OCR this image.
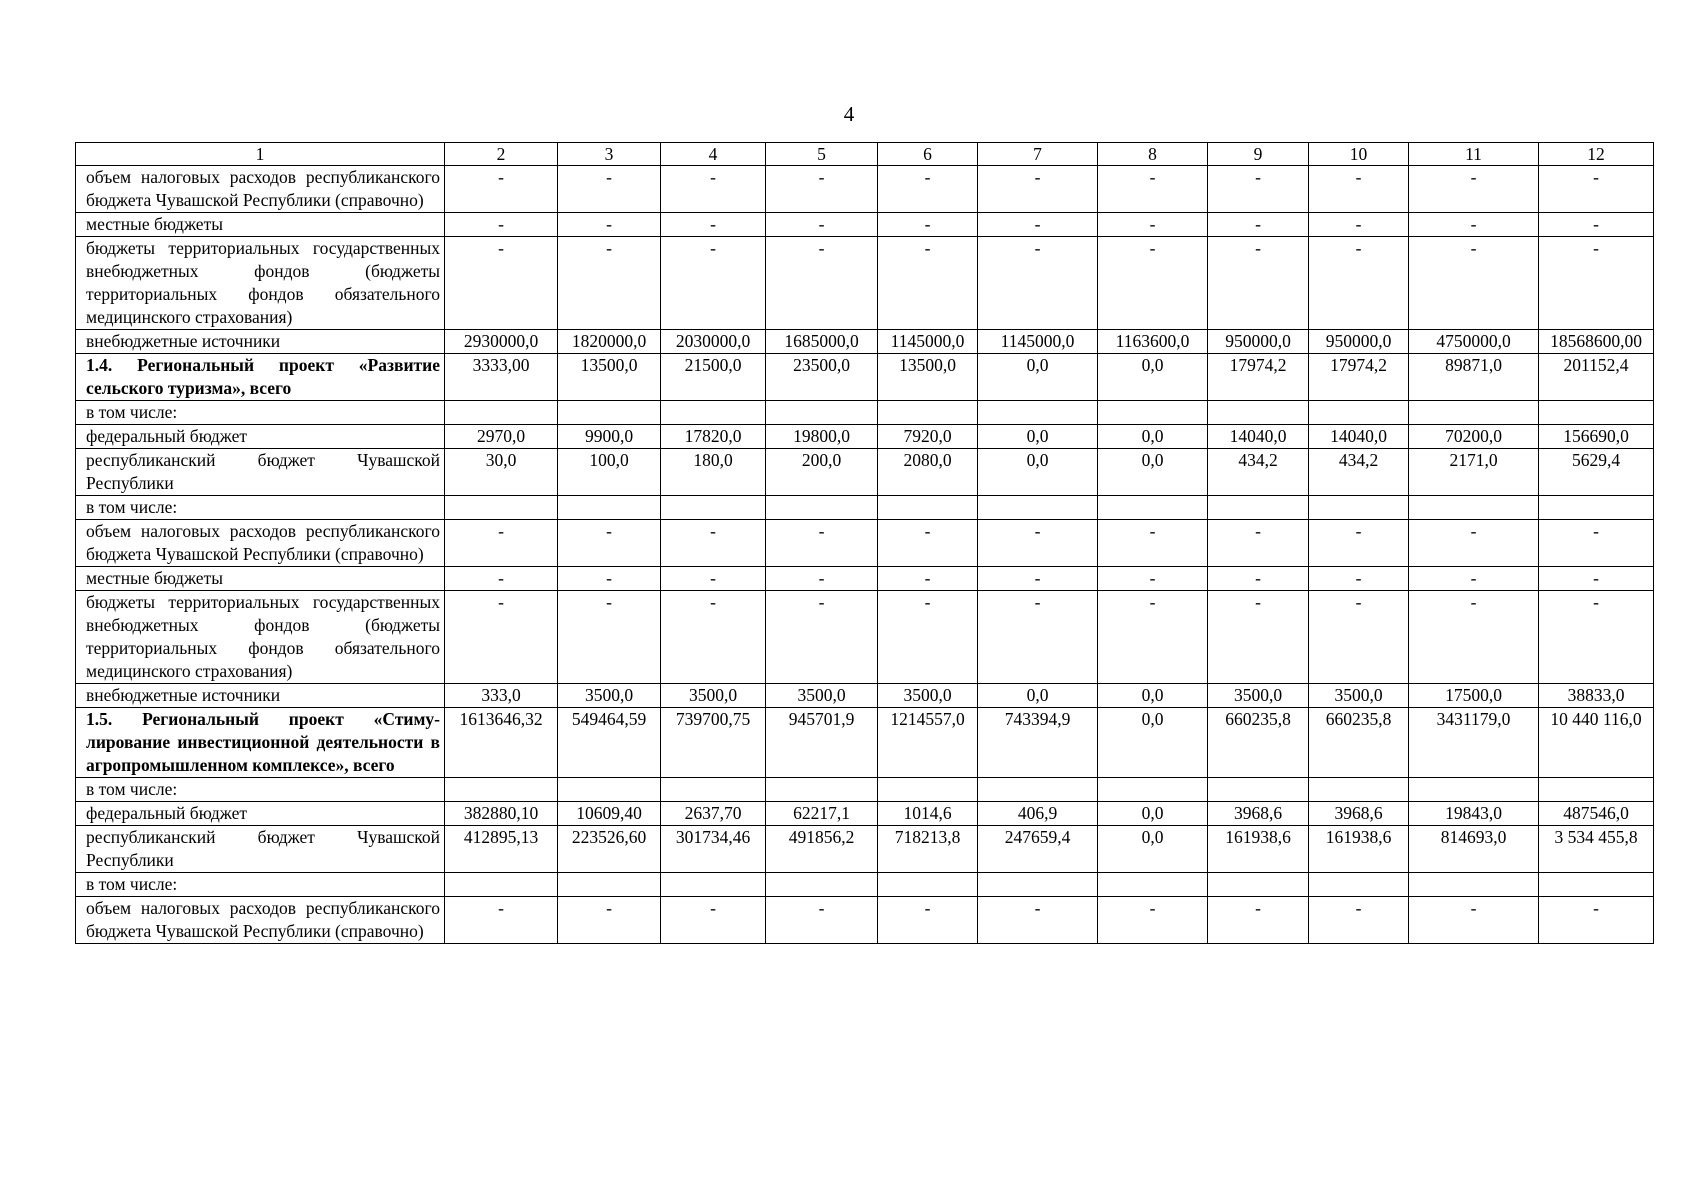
4
1	2	3	4	5	6	7	8	9	10	11	12
объем налоговых расходов республиканского бюджета Чувашской Республики (справочно)	-	-	-	-	-	-	-	-	-	-	-
местные бюджеты	-	-	-	-	-	-	-	-	-	-	-
бюджеты территориальных государственных внебюджетных фондов (бюджеты территориальных фондов обязательного медицинского страхования)	-	-	-	-	-	-	-	-	-	-	-
внебюджетные источники	2930000,0	1820000,0	2030000,0	1685000,0	1145000,0	1145000,0	1163600,0	950000,0	950000,0	4750000,0	18568600,00
1.4. Региональный проект «Развитие сельского туризма», всего	3333,00	13500,0	21500,0	23500,0	13500,0	0,0	0,0	17974,2	17974,2	89871,0	201152,4
в том числе:											
федеральный бюджет	2970,0	9900,0	17820,0	19800,0	7920,0	0,0	0,0	14040,0	14040,0	70200,0	156690,0
республиканский бюджет Чувашской Республики	30,0	100,0	180,0	200,0	2080,0	0,0	0,0	434,2	434,2	2171,0	5629,4
в том числе:											
объем налоговых расходов республиканского бюджета Чувашской Республики (справочно)	-	-	-	-	-	-	-	-	-	-	-
местные бюджеты	-	-	-	-	-	-	-	-	-	-	-
бюджеты территориальных государственных внебюджетных фондов (бюджеты территориальных фондов обязательного медицинского страхования)	-	-	-	-	-	-	-	-	-	-	-
внебюджетные источники	333,0	3500,0	3500,0	3500,0	3500,0	0,0	0,0	3500,0	3500,0	17500,0	38833,0
1.5. Региональный проект «Стимулирование инвестиционной деятельности в агропромышленном комплексе», всего	1613646,32	549464,59	739700,75	945701,9	1214557,0	743394,9	0,0	660235,8	660235,8	3431179,0	10 440 116,0
в том числе:											
федеральный бюджет	382880,10	10609,40	2637,70	62217,1	1014,6	406,9	0,0	3968,6	3968,6	19843,0	487546,0
республиканский бюджет Чувашской Республики	412895,13	223526,60	301734,46	491856,2	718213,8	247659,4	0,0	161938,6	161938,6	814693,0	3 534 455,8
в том числе:											
объем налоговых расходов республиканского бюджета Чувашской Республики (справочно)	-	-	-	-	-	-	-	-	-	-	-
